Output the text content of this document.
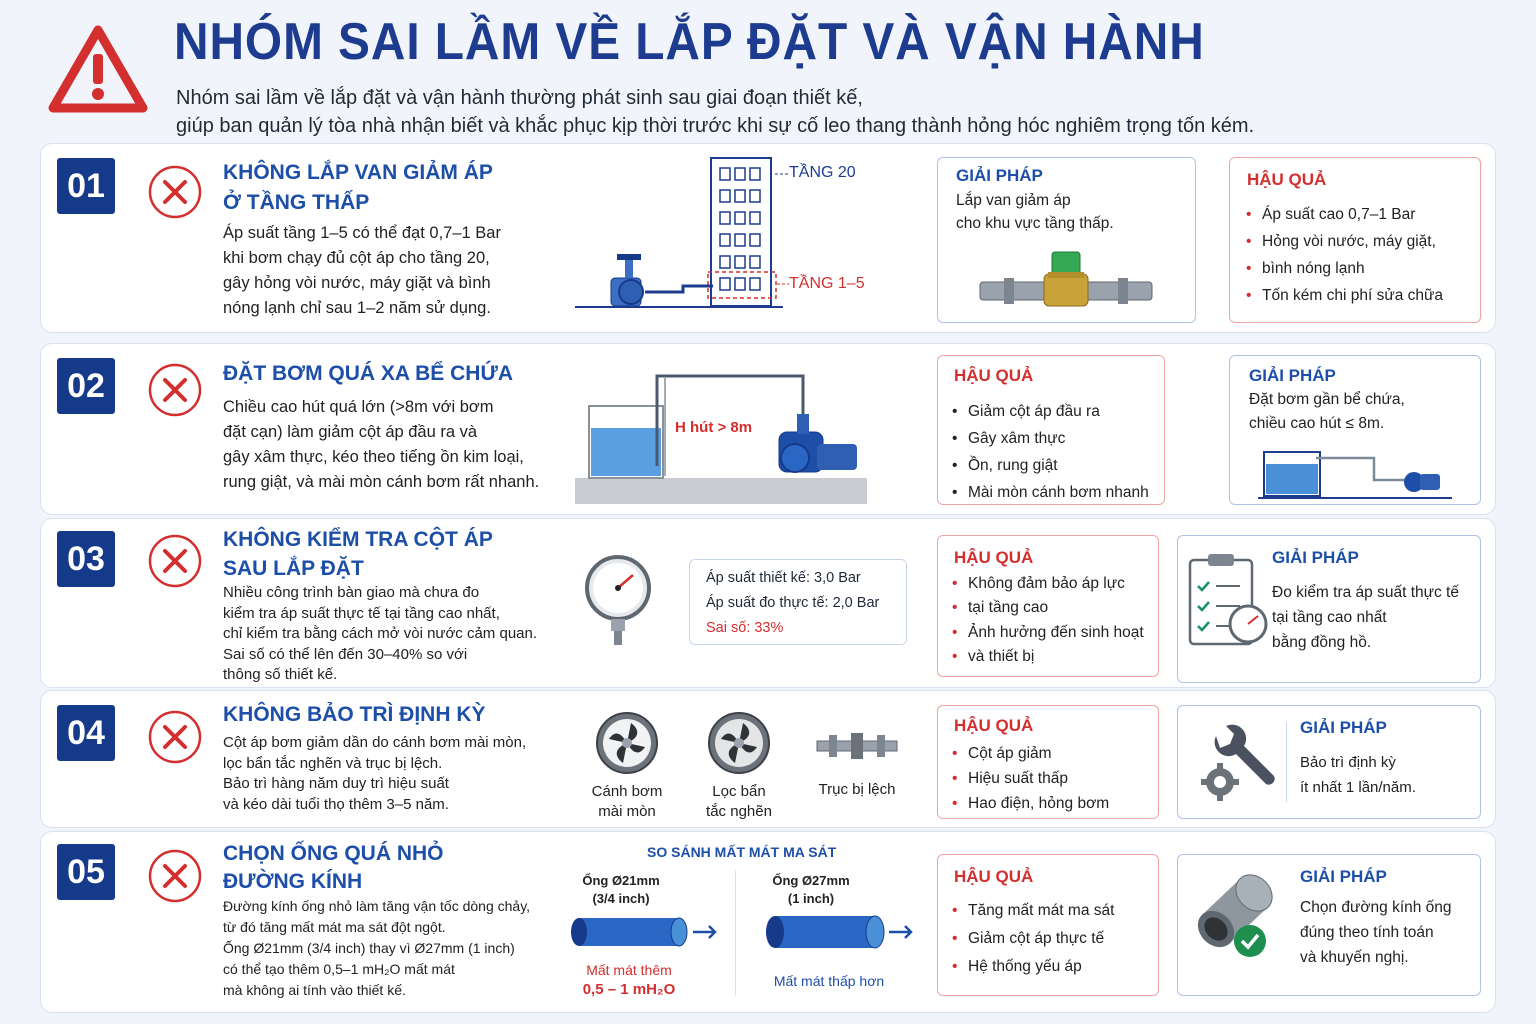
NHÓM SAI LẦM VỀ LẮP ĐẶT VÀ VẬN HÀNH
Nhóm sai lầm về lắp đặt và vận hành thường phát sinh sau giai đoạn thiết kế,
giúp ban quản lý tòa nhà nhận biết và khắc phục kịp thời trước khi sự cố leo thang thành hỏng hóc nghiêm trọng tốn kém.
01	KHÔNG LẮP VAN GIẢM ÁP
Ở TẦNG THẤP
Áp suất tầng 1–5 có thể đạt 0,7–1 Bar
khi bơm chạy đủ cột áp cho tầng 20,
gây hỏng vòi nước, máy giặt và bình
nóng lạnh chỉ sau 1–2 năm sử dụng.
TẦNG 20
TẦNG 1–5
GIẢI PHÁP
Lắp van giảm áp
cho khu vực tầng thấp.
HẬU QUẢ
• Áp suất cao 0,7–1 Bar
• Hỏng vòi nước, máy giặt,
• bình nóng lạnh
• Tốn kém chi phí sửa chữa
02	ĐẶT BƠM QUÁ XA BỂ CHỨA
Chiều cao hút quá lớn (>8m với bơm
đặt cạn) làm giảm cột áp đầu ra và
gây xâm thực, kéo theo tiếng ồn kim loại,
rung giật, và mài mòn cánh bơm rất nhanh.
H hút > 8m
HẬU QUẢ
• Giảm cột áp đầu ra
• Gây xâm thực
• Ồn, rung giật
• Mài mòn cánh bơm nhanh
GIẢI PHÁP
Đặt bơm gần bể chứa,
chiều cao hút ≤ 8m.
03
KHÔNG KIỂM TRA CỘT ÁP
SAU LẮP ĐẶT
Nhiều công trình bàn giao mà chưa đo
kiểm tra áp suất thực tế tại tầng cao nhất,
chỉ kiểm tra bằng cách mở vòi nước cảm quan.
Sai số có thể lên đến 30–40% so với
thông số thiết kế.
Áp suất thiết kế: 3,0 Bar
Áp suất đo thực tế: 2,0 Bar
Sai số: 33%
HẬU QUẢ
• Không đảm bảo áp lực
• tại tầng cao
• Ảnh hưởng đến sinh hoạt
• và thiết bị
GIẢI PHÁP
Đo kiểm tra áp suất thực tế
tại tầng cao nhất
bằng đồng hồ.
04	KHÔNG BẢO TRÌ ĐỊNH KỲ
Cột áp bơm giảm dần do cánh bơm mài mòn,
lọc bẩn tắc nghẽn và trục bị lệch.
Bảo trì hàng năm duy trì hiệu suất
và kéo dài tuổi thọ thêm 3–5 năm.
Cánh bơm
mài mòn
Lọc bẩn
tắc nghẽn
Trục bị lệch
HẬU QUẢ
• Cột áp giảm
• Hiệu suất thấp
• Hao điện, hỏng bơm
GIẢI PHÁP
Bảo trì định kỳ
ít nhất 1 lần/năm.
05	CHỌN ỐNG QUÁ NHỎ
ĐƯỜNG KÍNH
Đường kính ống nhỏ làm tăng vận tốc dòng chảy,
từ đó tăng mất mát ma sát đột ngột.
Ống Ø21mm (3/4 inch) thay vì Ø27mm (1 inch)
có thể tạo thêm 0,5–1 mH₂O mất mát
mà không ai tính vào thiết kế.
SO SÁNH MẤT MÁT MA SÁT
Ống Ø21mm
(3/4 inch)
Ống Ø27mm
(1 inch)
Mất mát thêm
0,5 – 1 mH₂O	Mất mát thấp hơn
HẬU QUẢ
• Tăng mất mát ma sát
• Giảm cột áp thực tế
• Hệ thống yếu áp
GIẢI PHÁP
Chọn đường kính ống
đúng theo tính toán
và khuyến nghị.
